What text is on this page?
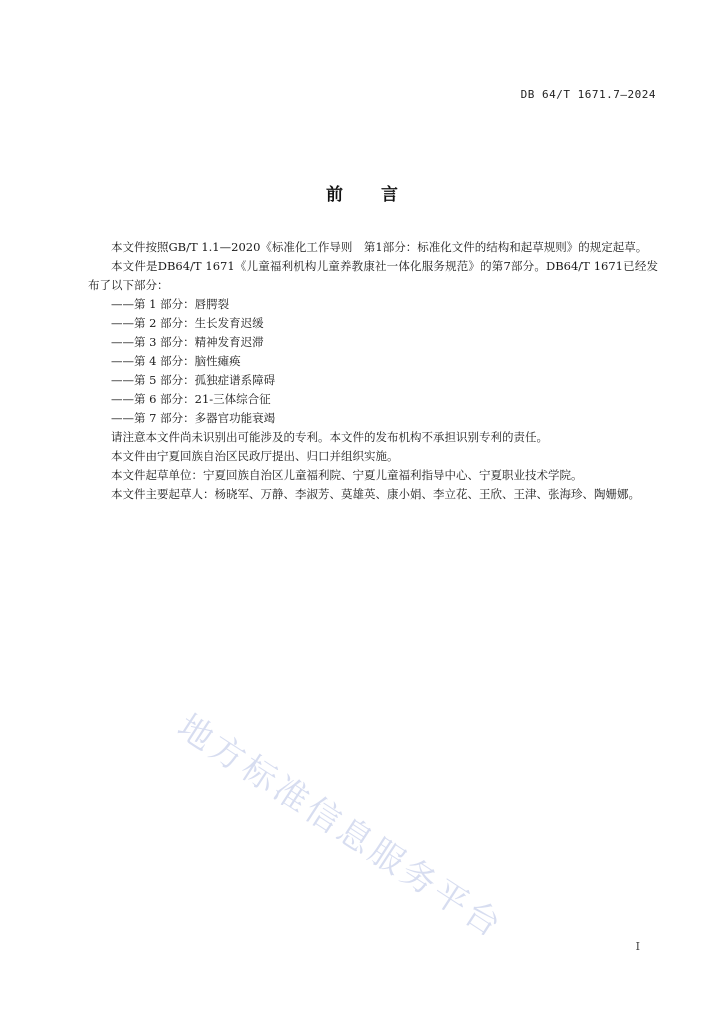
DB 64/T 1671.7—2024
前言

本文件按照GB/T 1.1—2020《标准化工作导则　第1部分：标准化文件的结构和起草规则》的规定起草。

本文件是DB64/T 1671《儿童福利机构儿童养教康社一体化服务规范》的第7部分。DB64/T 1671已经发布了以下部分：

——第 1 部分：唇腭裂
——第 2 部分：生长发育迟缓
——第 3 部分：精神发育迟滞
——第 4 部分：脑性瘫痪
——第 5 部分：孤独症谱系障碍
——第 6 部分：21-三体综合征
——第 7 部分：多器官功能衰竭

请注意本文件尚未识别出可能涉及的专利。本文件的发布机构不承担识别专利的责任。

本文件由宁夏回族自治区民政厅提出、归口并组织实施。

本文件起草单位：宁夏回族自治区儿童福利院、宁夏儿童福利指导中心、宁夏职业技术学院。

本文件主要起草人：杨晓军、万静、李淑芳、莫雄英、康小娟、李立花、王欣、王津、张海珍、陶姗娜。

地方标准信息服务平台	I
